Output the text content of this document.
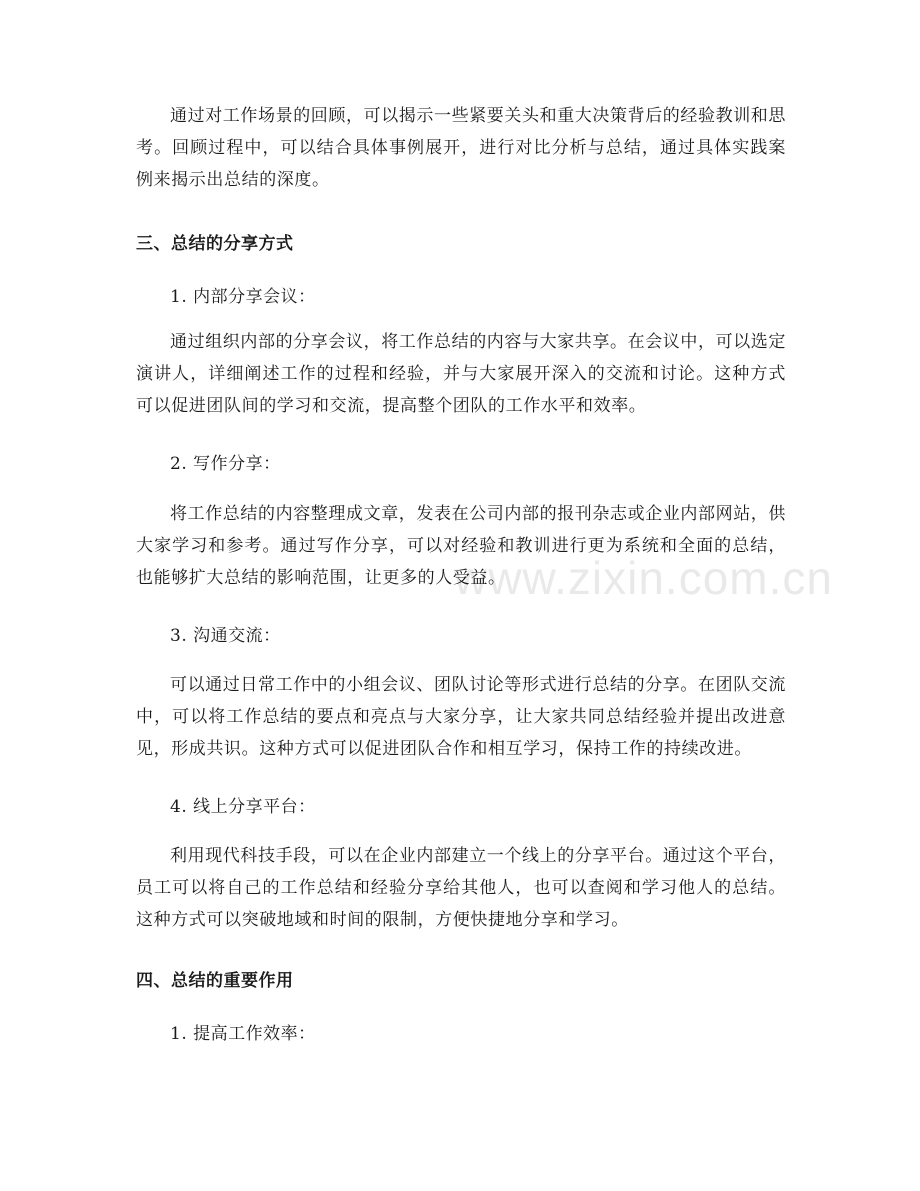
通过对工作场景的回顾，可以揭示一些紧要关头和重大决策背后的经验教训和思考。回顾过程中，可以结合具体事例展开，进行对比分析与总结，通过具体实践案例来揭示出总结的深度。

三、总结的分享方式
1. 内部分享会议：

通过组织内部的分享会议，将工作总结的内容与大家共享。在会议中，可以选定演讲人，详细阐述工作的过程和经验，并与大家展开深入的交流和讨论。这种方式可以促进团队间的学习和交流，提高整个团队的工作水平和效率。

2. 写作分享：

将工作总结的内容整理成文章，发表在公司内部的报刊杂志或企业内部网站，供大家学习和参考。通过写作分享，可以对经验和教训进行更为系统和全面的总结，也能够扩大总结的影响范围，让更多的人受益。

3. 沟通交流：

可以通过日常工作中的小组会议、团队讨论等形式进行总结的分享。在团队交流中，可以将工作总结的要点和亮点与大家分享，让大家共同总结经验并提出改进意见，形成共识。这种方式可以促进团队合作和相互学习，保持工作的持续改进。

4. 线上分享平台：

利用现代科技手段，可以在企业内部建立一个线上的分享平台。通过这个平台，员工可以将自己的工作总结和经验分享给其他人，也可以查阅和学习他人的总结。这种方式可以突破地域和时间的限制，方便快捷地分享和学习。

四、总结的重要作用
1. 提高工作效率：
www.zixin.com.cn
